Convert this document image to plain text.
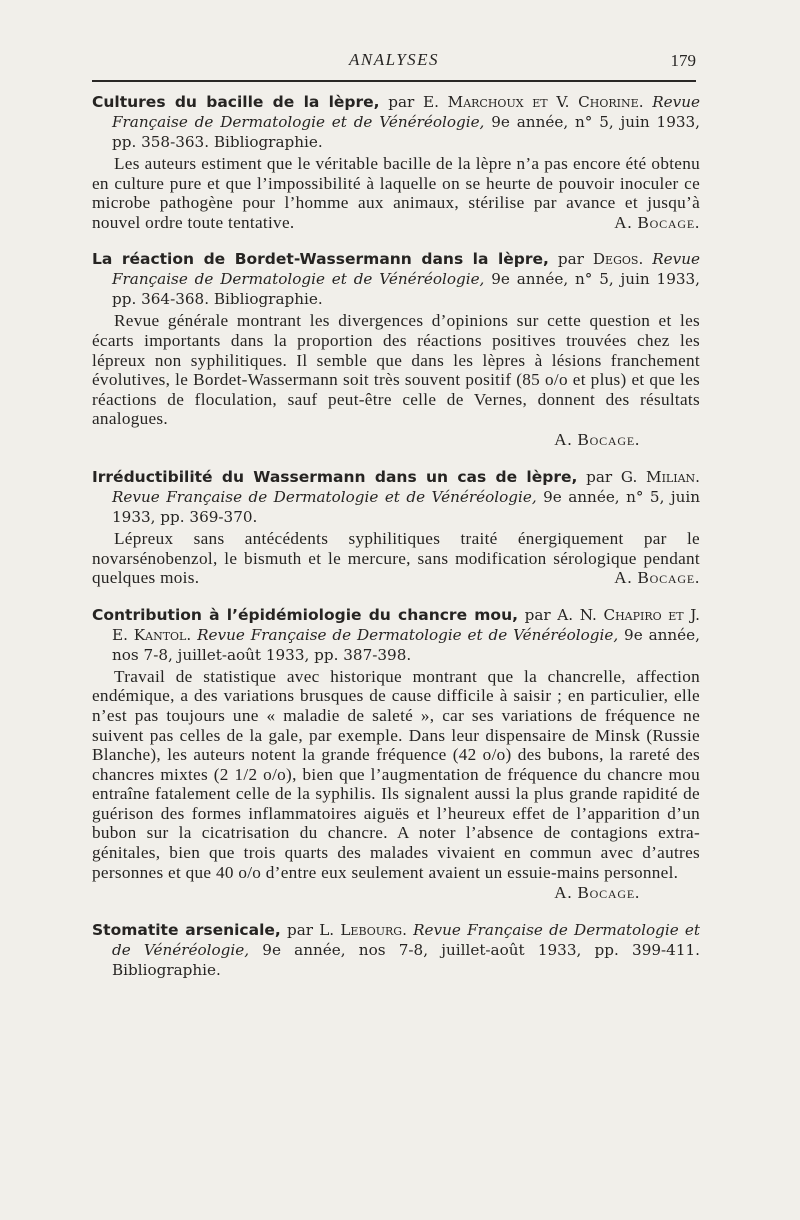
ANALYSES	179

Cultures du bacille de la lèpre, par E. Marchoux et V. Chorine. Revue Française de Dermatologie et de Vénéréologie, 9e année, n° 5, juin 1933, pp. 358-363. Bibliographie.

Les auteurs estiment que le véritable bacille de la lèpre n’a pas encore été obtenu en culture pure et que l’impossibilité à laquelle on se heurte de pouvoir inoculer ce microbe pathogène pour l’homme aux animaux, stérilise par avance et jusqu’à nouvel ordre toute tentative.	A. Bocage.

La réaction de Bordet-Wassermann dans la lèpre, par Degos. Revue Française de Dermatologie et de Vénéréologie, 9e année, n° 5, juin 1933, pp. 364-368. Bibliographie.

Revue générale montrant les divergences d’opinions sur cette question et les écarts importants dans la proportion des réactions positives trouvées chez les lépreux non syphilitiques. Il semble que dans les lèpres à lésions franchement évolutives, le Bordet-Wassermann soit très souvent positif (85 o/o et plus) et que les réactions de floculation, sauf peut-être celle de Vernes, donnent des résultats analogues.
A. Bocage.

Irréductibilité du Wassermann dans un cas de lèpre, par G. Milian. Revue Française de Dermatologie et de Vénéréologie, 9e année, n° 5, juin 1933, pp. 369-370.

Lépreux sans antécédents syphilitiques traité énergiquement par le novarsénobenzol, le bismuth et le mercure, sans modification sérologique pendant quelques mois.	A. Bocage.

Contribution à l’épidémiologie du chancre mou, par A. N. Chapiro et J. E. Kantol. Revue Française de Dermatologie et de Vénéréologie, 9e année, nos 7-8, juillet-août 1933, pp. 387-398.

Travail de statistique avec historique montrant que la chancrelle, affection endémique, a des variations brusques de cause difficile à saisir ; en particulier, elle n’est pas toujours une « maladie de saleté », car ses variations de fréquence ne suivent pas celles de la gale, par exemple. Dans leur dispensaire de Minsk (Russie Blanche), les auteurs notent la grande fréquence (42 o/o) des bubons, la rareté des chancres mixtes (2 1/2 o/o), bien que l’augmentation de fréquence du chancre mou entraîne fatalement celle de la syphilis. Ils signalent aussi la plus grande rapidité de guérison des formes inflammatoires aiguës et l’heureux effet de l’apparition d’un bubon sur la cicatrisation du chancre. A noter l’absence de contagions extra-génitales, bien que trois quarts des malades vivaient en commun avec d’autres personnes et que 40 o/o d’entre eux seulement avaient un essuie-mains personnel.
A. Bocage.

Stomatite arsenicale, par L. Lebourg. Revue Française de Dermatologie et de Vénéréologie, 9e année, nos 7-8, juillet-août 1933, pp. 399-411. Bibliographie.
